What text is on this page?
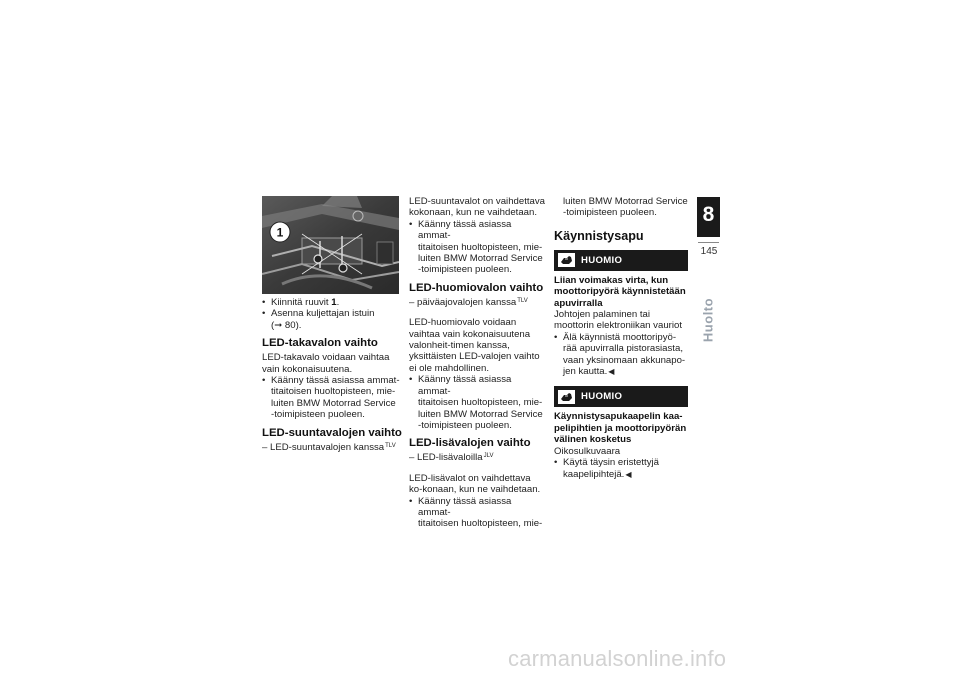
1
• Kiinnitä ruuvit 1.
• Asenna kuljettajan istuin
(➞ 80).
LED-takavalon vaihto

LED-takavalo voidaan vaihtaa vain kokonaisuutena.

• Käänny tässä asiassa ammat-
titaitoisen huoltopisteen, mie-
luiten BMW Motorrad Service
-toimipisteen puoleen.
LED-suuntavalojen vaihto

– LED-suuntavalojen kanssa$^{TLV}$

LED-suuntavalot on vaihdettava kokonaan, kun ne vaihdetaan.

• Käänny tässä asiassa ammat-
titaitoisen huoltopisteen, mie-
luiten BMW Motorrad Service
-toimipisteen puoleen.
LED-huomiovalon vaihto

– päiväajovalojen kanssa$^{TLV}$

LED-huomiovalo voidaan vaihtaa vain kokonaisuutena valonheit-timen kanssa, yksittäisten LED-valojen vaihto ei ole mahdollinen.

• Käänny tässä asiassa ammat-
titaitoisen huoltopisteen, mie-
luiten BMW Motorrad Service
-toimipisteen puoleen.
LED-lisävalojen vaihto

– LED-lisävaloilla$^{JLV}$

LED-lisävalot on vaihdettava ko-konaan, kun ne vaihdetaan.

• Käänny tässä asiassa ammat-
titaitoisen huoltopisteen, mie-

luiten BMW Motorrad Service
-toimipisteen puoleen.

Käynnistysapu
HUOMIO

Liian voimakas virta, kun moottoripyörä käynnistetään apuvirralla

Johtojen palaminen tai moottorin elektroniikan vauriot

• Älä käynnistä moottoripyö-
rää apuvirralla pistorasiasta,
vaan yksinomaan akkunapo-
jen kautta.◀
HUOMIO

Käynnistysapukaapelin kaa-pelipihtien ja moottoripyörän välinen kosketus

Oikosulkuvaara

• Käytä täysin eristettyjä
kaapelipihtejä.◀
8
145
Huolto
carmanualsonline.info
